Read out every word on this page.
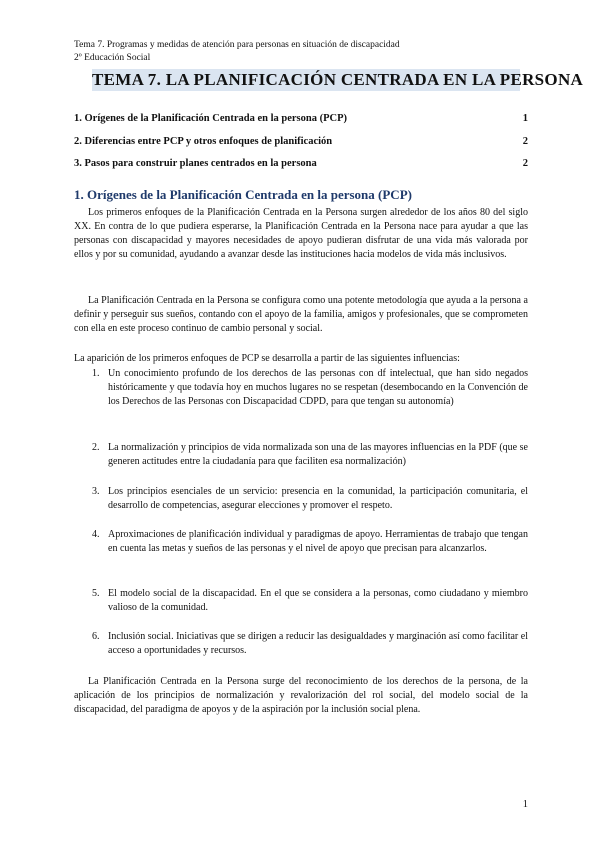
Tema 7. Programas y medidas de atención para personas en situación de discapacidad
2º Educación Social
TEMA 7. LA PLANIFICACIÓN CENTRADA EN LA PERSONA
1. Orígenes de la Planificación Centrada en la persona (PCP)	1
2. Diferencias entre PCP y otros enfoques de planificación	2
3. Pasos para construir planes centrados en la persona	2
1. Orígenes de la Planificación Centrada en la persona (PCP)
Los primeros enfoques de la Planificación Centrada en la Persona surgen alrededor de los años 80 del siglo XX. En contra de lo que pudiera esperarse, la Planificación Centrada en la Persona nace para ayudar a que las personas con discapacidad y mayores necesidades de apoyo pudieran disfrutar de una vida más valorada por ellos y por su comunidad, ayudando a avanzar desde las instituciones hacia modelos de vida más inclusivos.
La Planificación Centrada en la Persona se configura como una potente metodología que ayuda a la persona a definir y perseguir sus sueños, contando con el apoyo de la familia, amigos y profesionales, que se comprometen con ella en este proceso continuo de cambio personal y social.
La aparición de los primeros enfoques de PCP se desarrolla a partir de las siguientes influencias:
1. Un conocimiento profundo de los derechos de las personas con df intelectual, que han sido negados históricamente y que todavía hoy en muchos lugares no se respetan (desembocando en la Convención de los Derechos de las Personas con Discapacidad CDPD, para que tengan su autonomía)
2. La normalización y principios de vida normalizada son una de las mayores influencias en la PDF (que se generen actitudes entre la ciudadanía para que faciliten esa normalización)
3. Los principios esenciales de un servicio: presencia en la comunidad, la participación comunitaria, el desarrollo de competencias, asegurar elecciones y promover el respeto.
4. Aproximaciones de planificación individual y paradigmas de apoyo. Herramientas de trabajo que tengan en cuenta las metas y sueños de las personas y el nivel de apoyo que precisan para alcanzarlos.
5. El modelo social de la discapacidad. En el que se considera a la personas, como ciudadano y miembro valioso de la comunidad.
6. Inclusión social. Iniciativas que se dirigen a reducir las desigualdades y marginación así como facilitar el acceso a oportunidades y recursos.
La Planificación Centrada en la Persona surge del reconocimiento de los derechos de la persona, de la aplicación de los principios de normalización y revalorización del rol social, del modelo social de la discapacidad, del paradigma de apoyos y de la aspiración por la inclusión social plena.
1
